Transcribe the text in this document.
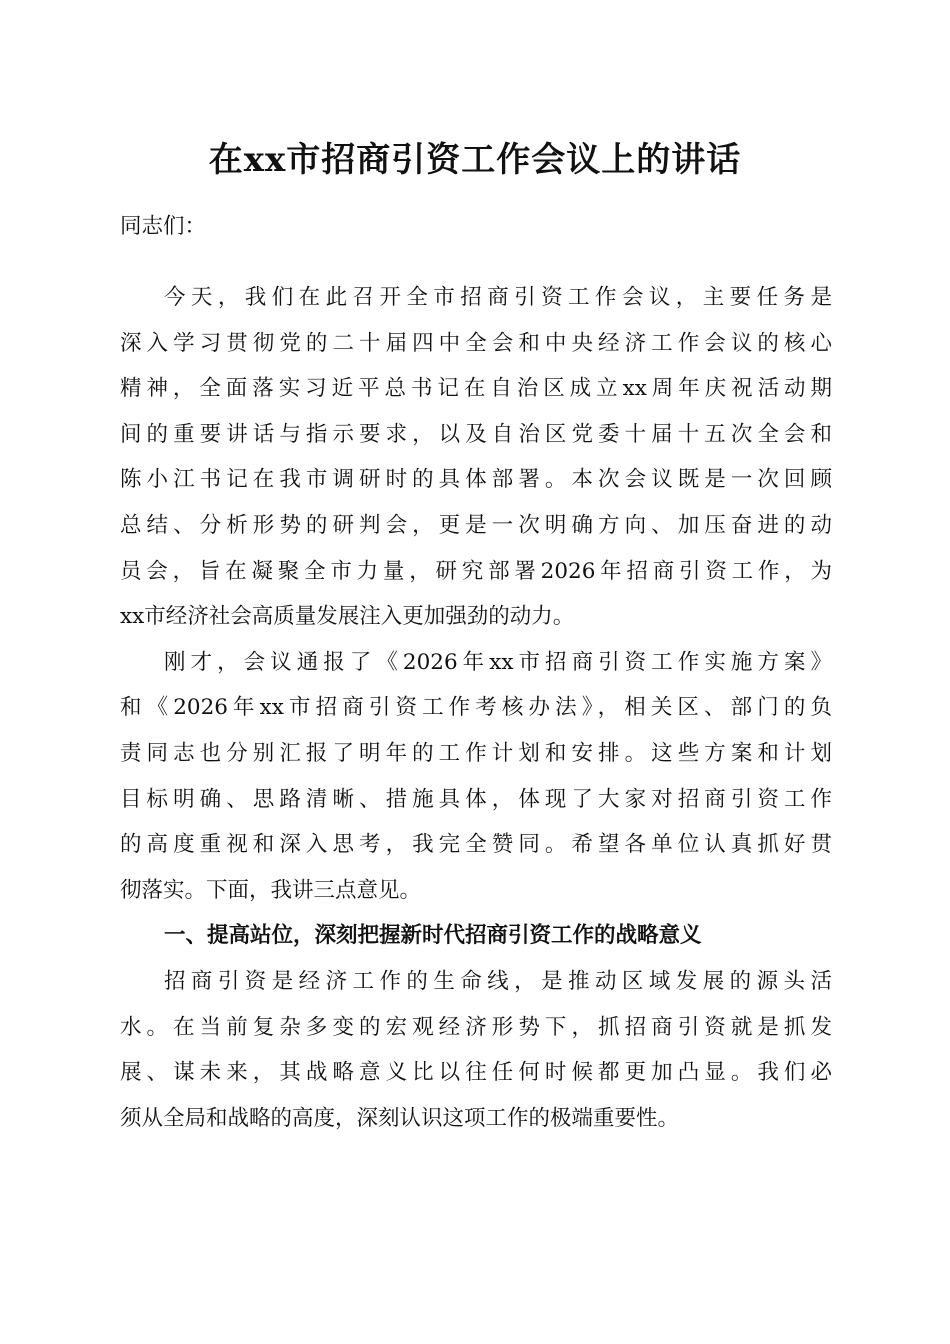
在xx市招商引资工作会议上的讲话
同志们：
今天，我们在此召开全市招商引资工作会议，主要任务是
深入学习贯彻党的二十届四中全会和中央经济工作会议的核心
精神，全面落实习近平总书记在自治区成立xx周年庆祝活动期
间的重要讲话与指示要求，以及自治区党委十届十五次全会和
陈小江书记在我市调研时的具体部署。本次会议既是一次回顾
总结、分析形势的研判会，更是一次明确方向、加压奋进的动
员会，旨在凝聚全市力量，研究部署2026年招商引资工作，为
xx市经济社会高质量发展注入更加强劲的动力。
刚才，会议通报了《2026年xx市招商引资工作实施方案》
和《2026年xx市招商引资工作考核办法》，相关区、部门的负
责同志也分别汇报了明年的工作计划和安排。这些方案和计划
目标明确、思路清晰、措施具体，体现了大家对招商引资工作
的高度重视和深入思考，我完全赞同。希望各单位认真抓好贯
彻落实。下面，我讲三点意见。
一、提高站位，深刻把握新时代招商引资工作的战略意义
招商引资是经济工作的生命线，是推动区域发展的源头活
水。在当前复杂多变的宏观经济形势下，抓招商引资就是抓发
展、谋未来，其战略意义比以往任何时候都更加凸显。我们必
须从全局和战略的高度，深刻认识这项工作的极端重要性。
